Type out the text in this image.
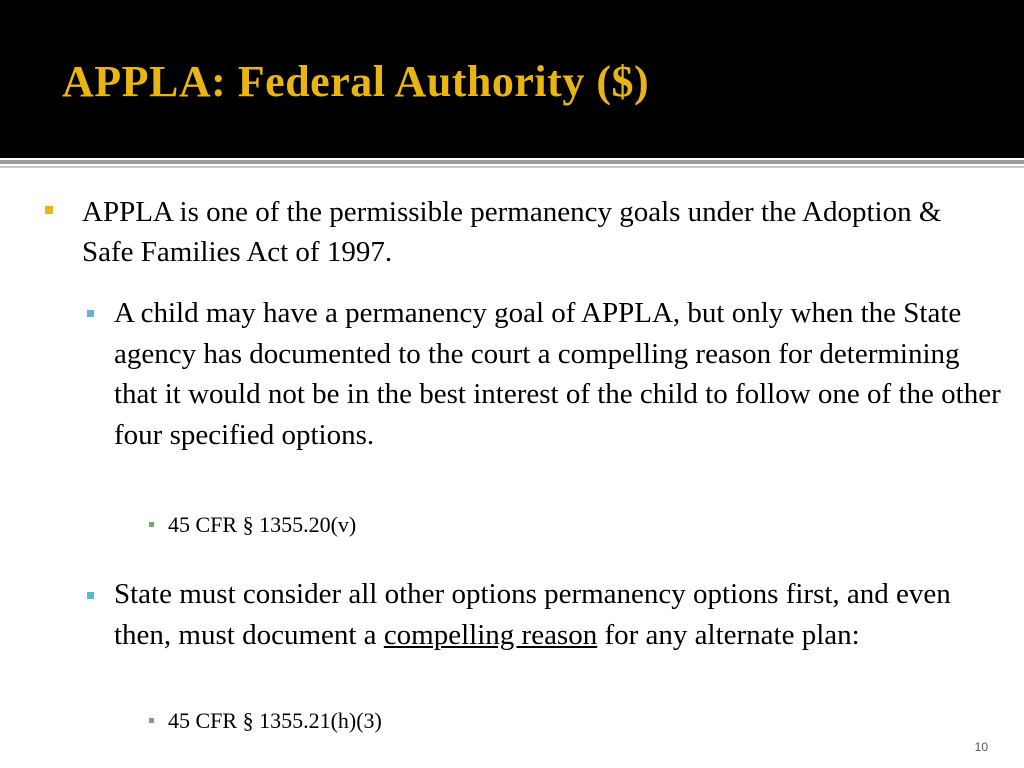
APPLA: Federal Authority ($)
APPLA is one of the permissible permanency goals under the Adoption & Safe Families Act of 1997.
A child may have a permanency goal of APPLA, but only when the State agency has documented to the court a compelling reason for determining that it would not be in the best interest of the child to follow one of the other four specified options.
45 CFR § 1355.20(v)
State must consider all other options permanency options first, and even then, must document a compelling reason for any alternate plan:
45 CFR § 1355.21(h)(3)
10
